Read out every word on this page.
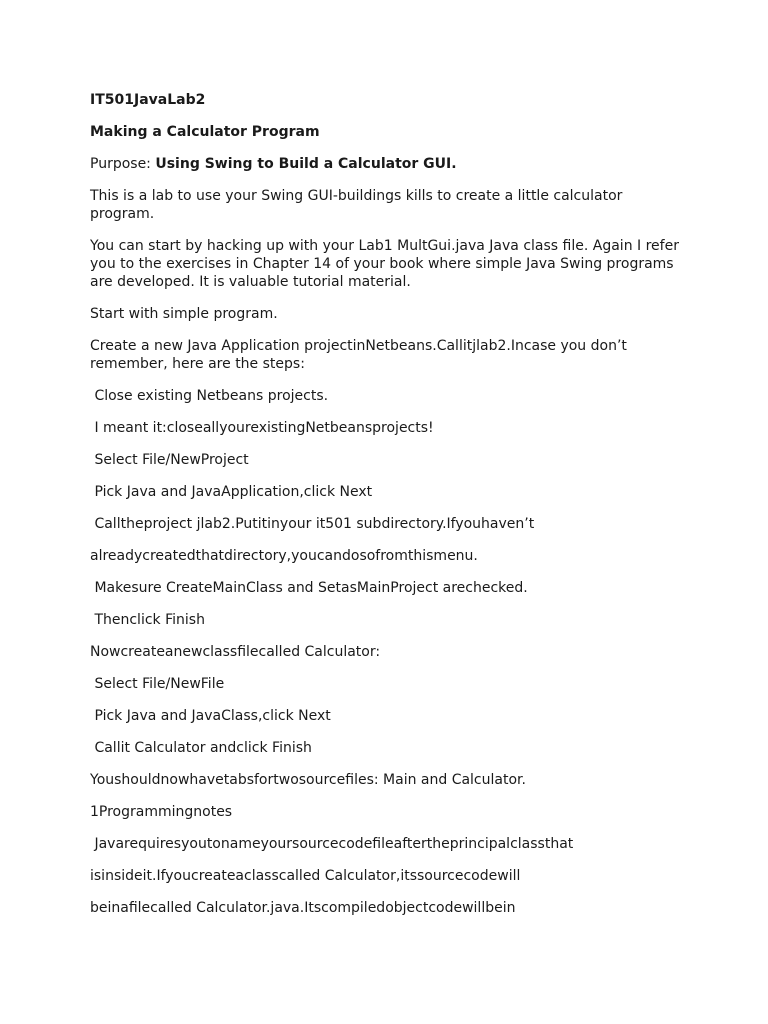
IT501JavaLab2

Making a Calculator Program

Purpose: Using Swing to Build a Calculator GUI.

This is a lab to use your Swing GUI-buildings kills to create a little calculator program.

You can start by hacking up with your Lab1 MultGui.java Java class file. Again I refer you to the exercises in Chapter 14 of your book where simple Java Swing programs are developed. It is valuable tutorial material.

Start with simple program.

Create a new Java Application projectinNetbeans.Callitjlab2.Incase you don’t remember, here are the steps:

Close existing Netbeans projects.

I meant it:closeallyourexistingNetbeansprojects!

Select File/NewProject

Pick Java and JavaApplication,click Next

Calltheproject jlab2.Putitinyour it501 subdirectory.Ifyouhaven’t

alreadycreatedthatdirectory,youcandosofromthismenu.

Makesure CreateMainClass and SetasMainProject arechecked.

Thenclick Finish

Nowcreateanewclassfilecalled Calculator:

Select File/NewFile

Pick Java and JavaClass,click Next

Callit Calculator andclick Finish

Youshouldnowhavetabsfortwosourcefiles: Main and Calculator.

1Programmingnotes

Javarequiresyoutonameyoursourcecodefileaftertheprincipalclassthat

isinsideit.Ifyoucreateaclasscalled Calculator,itssourcecodewill

beinafilecalled Calculator.java.Itscompiledobjectcodewillbein
